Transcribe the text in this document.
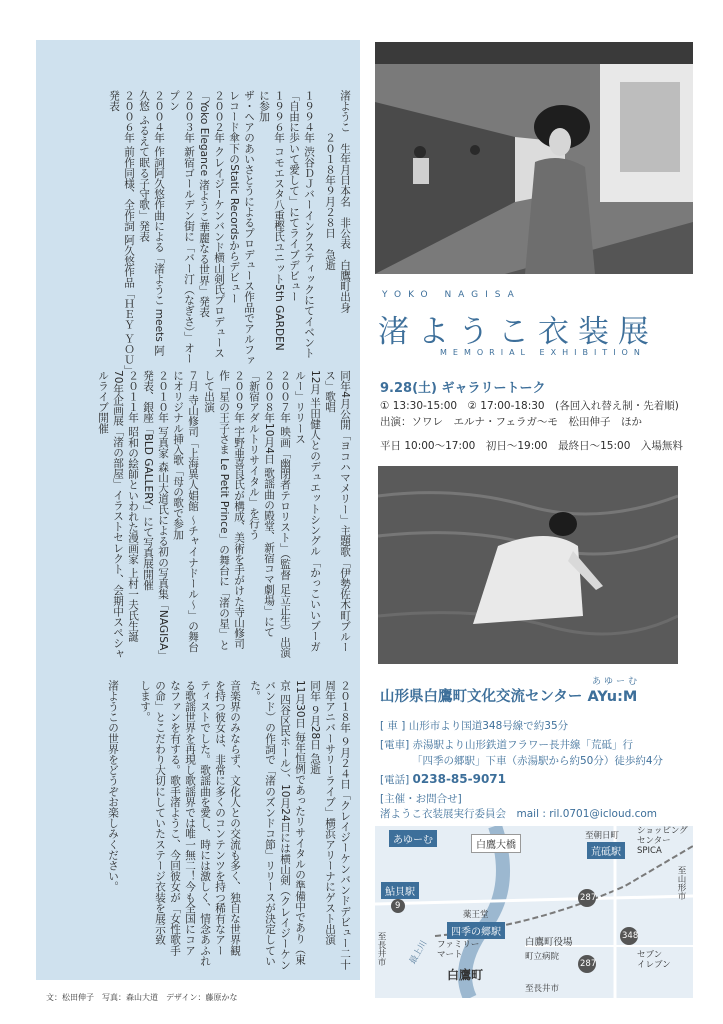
渚ようこ　生年月日本名　非公表　白鷹町出身
　　　　２０１８年９月２８日　急逝
１９９４年 渋谷ＤＪバーインクスティックにてイベント
「自由に歩いて愛して」にてライブデビュー
１９９６年 コモエスタ八重樫氏ユニット5th GARDEN
に参加
ザ・ヘアのあいさとうによるプロデュース作品でアルファ
レコード傘下のStatic Recordsからデビュー
２００２年 クレイジーケンバンド横山剣氏プロデュース
「Yoko Elegance 渚ようこ華麗なる世界」発表
２００３年 新宿ゴールデン街に「バー汀（なぎさ）」オー
プン
２００４年 作詞阿久悠作曲による「渚ようこ meets 阿
久悠 ふるえて眠る子守歌」発表
２００６年 前作同様、全作詞 阿久悠作品「ＨＥＹ ＹＯＵ」
発表
同年4月公開「ヨコハマメリー」主題歌「伊勢佐木町ブルー
ス」歌唱
12月 半田健人とのデュエットシングル「かっこいいブーガ
ルー」リリース
２００７年 映画「幽閉者テロリスト」（監督 足立正生）出演
２００８年10月4日 歌謡曲の殿堂、新宿コマ劇場」にて
「新宿アダルトリサイタル」を行う
２００９年 宇野亜喜良氏が構成、美術を手がけた寺山修司
作「星の王子さま Le Petit Prince」の舞台に「渚の星」と
して出演
７月 寺山修司「上海異人娼館 ～チャイナドール～」の舞台
にオリジナル挿入歌「母の歌で参加
２０１０年 写真家 森山大道氏による初の写真集「NAGISA」
発表、銀座「BLD GALLERY」にて写真展開催
２０１１年 昭和の絵師といわれた漫画家 上村一夫氏生誕
70年企画展「渚の部屋」イラストセレクト、会期中スペシャ
ルライブ開催
２０１８年 ９月２４日「クレイジーケンバンドデビュー二十
周年アニバーサリーライブ」横浜アリーナにゲスト出演
同年 ９月28日 急逝
11月30日 毎年恒例であったリサイタルの準備中であり（東
京 四谷区民ホール）、10月24日には横山剣（クレイジーケン
バンド）の作詞で「渚のズンドコ節」リリースが決定してい
た。
音楽界のみならず、文化人との交流も多く、独自な世界観
を持つ彼女は、非常に多くのコンテンツを持つ稀有なアー
ティストでした。歌謡曲を愛し、時には激しく、情念あふれ
る歌謡世界を再現し歌謡界では唯一無二！今も全国にコア
なファンを有する。歌手渚ようこ、今回彼女が「女性歌手
の命」とこだわり大切にしていたステージ衣装を展示致
します。
渚ようこの世界をどうぞお楽しみください。
YOKO NAGISA
渚ようこ衣装展
MEMORIAL EXHIBITION
9.28(土) ギャラリートーク
① 13:30-15:00　② 17:00-18:30　(各回入れ替え制・先着順)
出演：ソワレ　エルナ・フェラガ～モ　松田伸子　ほか
平日 10:00～17:00　初日～19:00　最終日～15:00　入場無料
あゆーむ
山形県白鷹町文化交流センター AYu:M
[ 車 ] 山形市より国道348号線で約35分
[電車] 赤湯駅より山形鉄道フラワー長井線「荒砥」行
「四季の郷駅」下車（赤湯駅から約50分）徒歩約4分
[電話] 0238-85-9071
[主催・お問合せ]
渚ようこ衣装展実行委員会　 mail : ril.0701@icloud.com
あゆーむ	白鷹大橋
至朝日町
荒砥駅
ショッピング
センター
SPICA
至山形市
鮎貝駅
9
薬王堂
四季の郷駅
ファミリー
マート
白鷹町役場
町立病院	セブン
イレブン
至長井市
至長井市
287
287
348
白鷹町
最上川
文：松田伸子　写真：森山大道　デザイン：藤原かな
